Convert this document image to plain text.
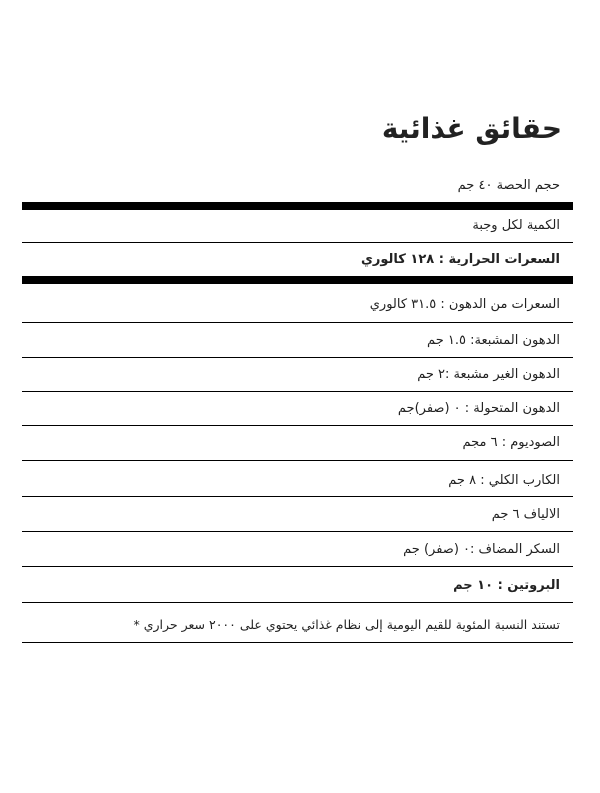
حقائق غذائية
حجم الحصة ٤٠ جم
الكمية لكل وجبة
السعرات الحرارية : ١٢٨ كالوري
السعرات من الدهون : ٣١.٥ كالوري
الدهون المشبعة: ١.٥ جم
الدهون الغير مشبعة :٢ جم
الدهون المتحولة : ٠ (صفر)جم
الصوديوم : ٦ مجم
الكارب الكلي : ٨ جم
الالياف ٦ جم
السكر المضاف :٠ (صفر) جم
البروتين : ١٠ جم
تستند النسبة المئوية للقيم اليومية إلى نظام غذائي يحتوي على ٢٠٠٠ سعر حراري *
